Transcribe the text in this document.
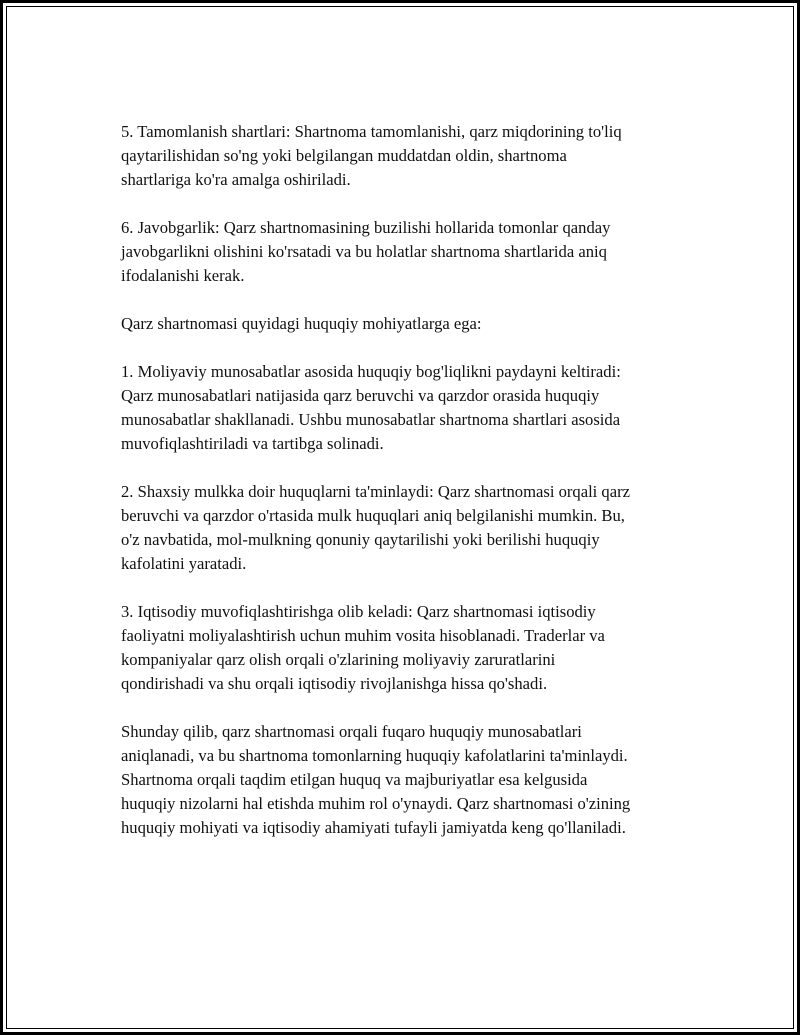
5. Tamomlanish shartlari: Shartnoma tamomlanishi, qarz miqdorining to'liq
qaytarilishidan so'ng yoki belgilangan muddatdan oldin, shartnoma
shartlariga ko'ra amalga oshiriladi.

6. Javobgarlik: Qarz shartnomasining buzilishi hollarida tomonlar qanday
javobgarlikni olishini ko'rsatadi va bu holatlar shartnoma shartlarida aniq
ifodalanishi kerak.

Qarz shartnomasi quyidagi huquqiy mohiyatlarga ega:

1. Moliyaviy munosabatlar asosida huquqiy bog'liqlikni paydayni keltiradi:
Qarz munosabatlari natijasida qarz beruvchi va qarzdor orasida huquqiy
munosabatlar shakllanadi. Ushbu munosabatlar shartnoma shartlari asosida
muvofiqlashtiriladi va tartibga solinadi.

2. Shaxsiy mulkka doir huquqlarni ta'minlaydi: Qarz shartnomasi orqali qarz
beruvchi va qarzdor o'rtasida mulk huquqlari aniq belgilanishi mumkin. Bu,
o'z navbatida, mol-mulkning qonuniy qaytarilishi yoki berilishi huquqiy
kafolatini yaratadi.

3. Iqtisodiy muvofiqlashtirishga olib keladi: Qarz shartnomasi iqtisodiy
faoliyatni moliyalashtirish uchun muhim vosita hisoblanadi. Traderlar va
kompaniyalar qarz olish orqali o'zlarining moliyaviy zaruratlarini
qondirishadi va shu orqali iqtisodiy rivojlanishga hissa qo'shadi.

Shunday qilib, qarz shartnomasi orqali fuqaro huquqiy munosabatlari
aniqlanadi, va bu shartnoma tomonlarning huquqiy kafolatlarini ta'minlaydi.
Shartnoma orqali taqdim etilgan huquq va majburiyatlar esa kelgusida
huquqiy nizolarni hal etishda muhim rol o'ynaydi. Qarz shartnomasi o'zining
huquqiy mohiyati va iqtisodiy ahamiyati tufayli jamiyatda keng qo'llaniladi.
